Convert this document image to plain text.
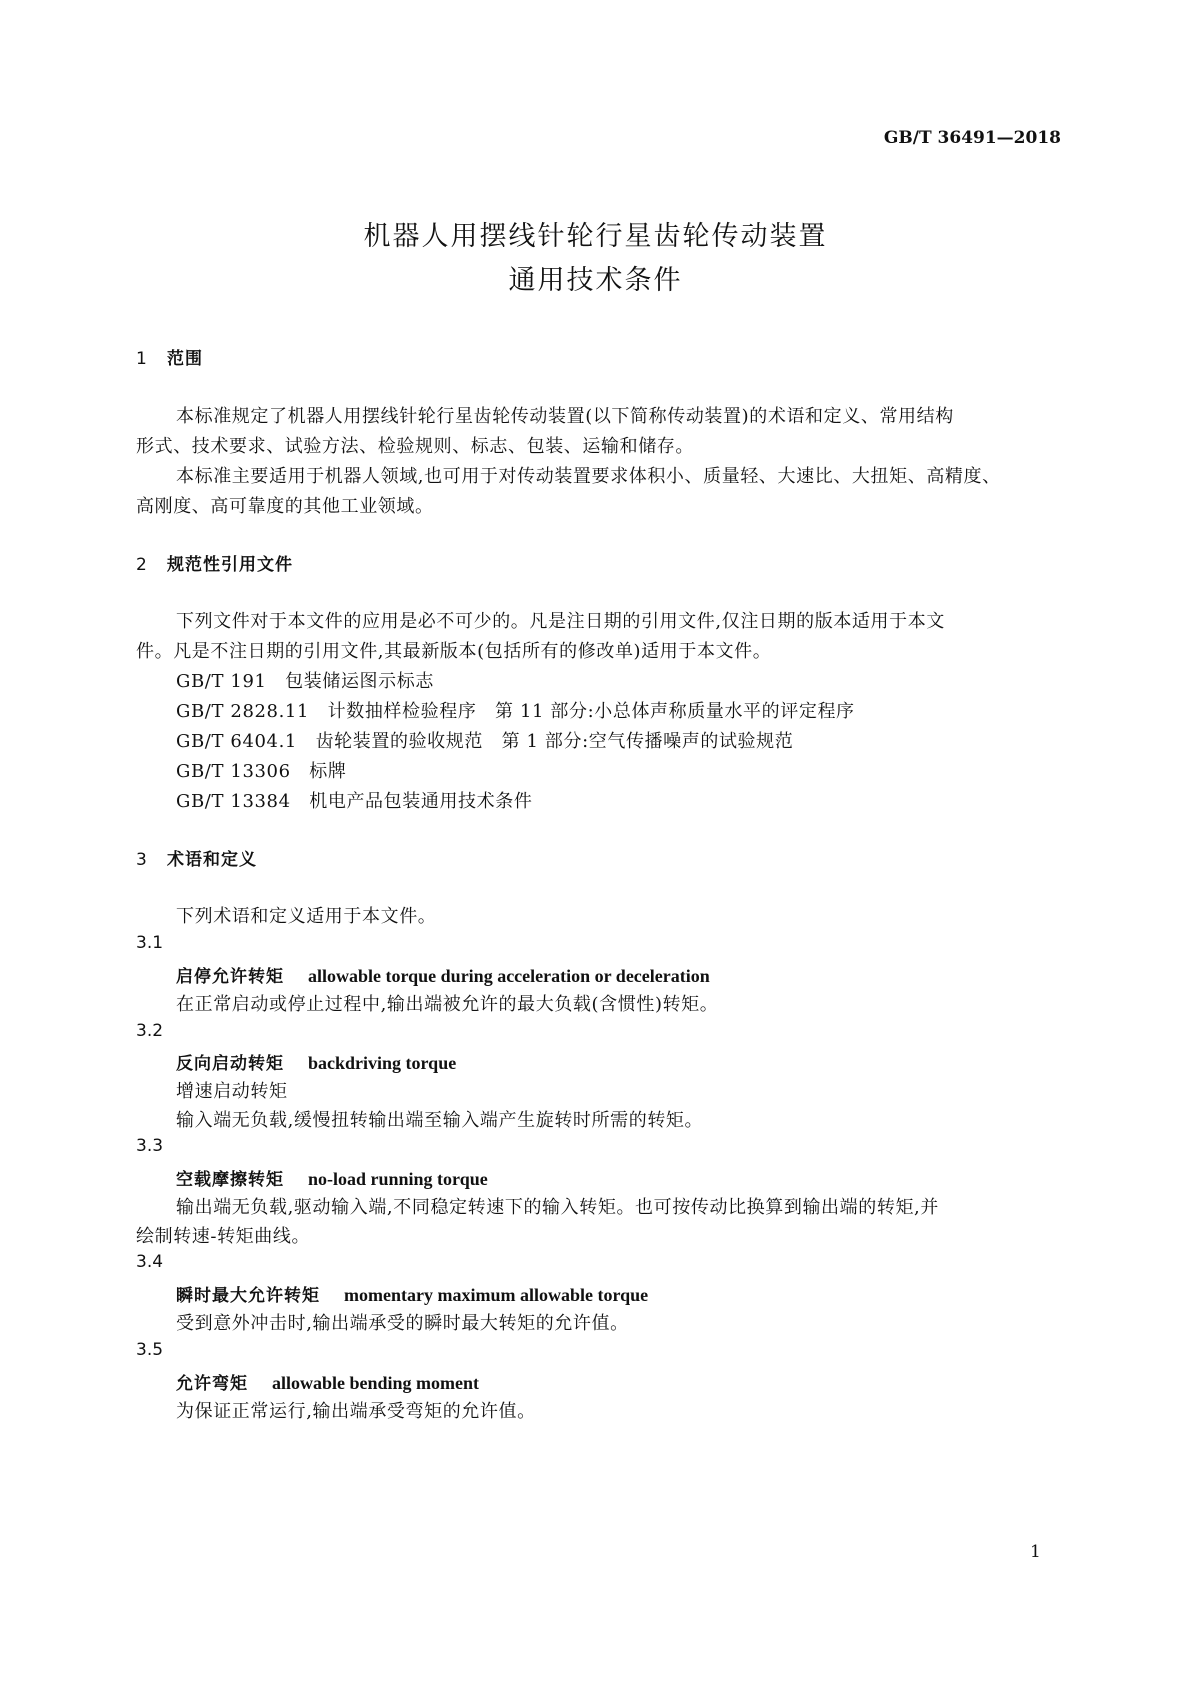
GB/T 36491—2018
机器人用摆线针轮行星齿轮传动装置
通用技术条件
1 范围
本标准规定了机器人用摆线针轮行星齿轮传动装置(以下简称传动装置)的术语和定义、常用结构
形式、技术要求、试验方法、检验规则、标志、包装、运输和储存。
本标准主要适用于机器人领域,也可用于对传动装置要求体积小、质量轻、大速比、大扭矩、高精度、
高刚度、高可靠度的其他工业领域。
2 规范性引用文件
下列文件对于本文件的应用是必不可少的。凡是注日期的引用文件,仅注日期的版本适用于本文
件。凡是不注日期的引用文件,其最新版本(包括所有的修改单)适用于本文件。
GB/T 191　包装储运图示标志
GB/T 2828.11　计数抽样检验程序　第 11 部分:小总体声称质量水平的评定程序
GB/T 6404.1　齿轮装置的验收规范　第 1 部分:空气传播噪声的试验规范
GB/T 13306　标牌
GB/T 13384　机电产品包装通用技术条件
3 术语和定义
下列术语和定义适用于本文件。
3.1
启停允许转矩 allowable torque during acceleration or deceleration
在正常启动或停止过程中,输出端被允许的最大负载(含惯性)转矩。
3.2
反向启动转矩 backdriving torque
增速启动转矩
输入端无负载,缓慢扭转输出端至输入端产生旋转时所需的转矩。
3.3
空载摩擦转矩 no-load running torque
输出端无负载,驱动输入端,不同稳定转速下的输入转矩。也可按传动比换算到输出端的转矩,并
绘制转速-转矩曲线。
3.4
瞬时最大允许转矩 momentary maximum allowable torque
受到意外冲击时,输出端承受的瞬时最大转矩的允许值。
3.5
允许弯矩 allowable bending moment
为保证正常运行,输出端承受弯矩的允许值。
1
